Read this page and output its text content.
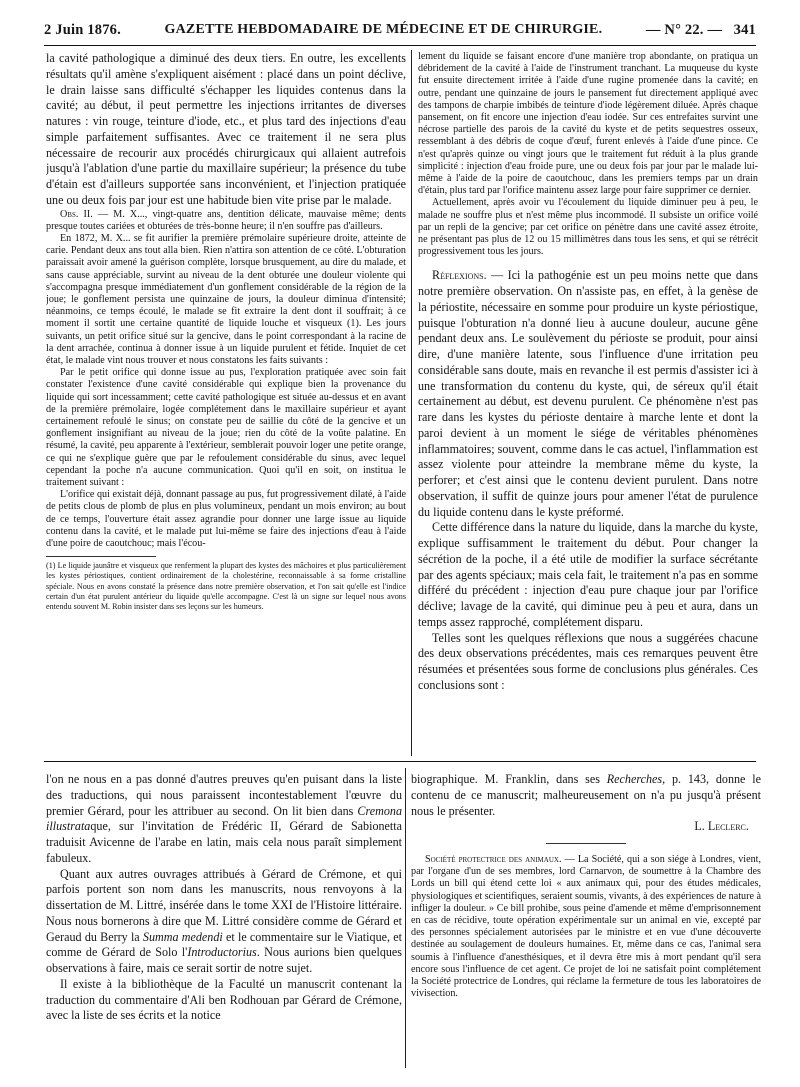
2 Juin 1876.	GAZETTE HEBDOMADAIRE DE MÉDECINE ET DE CHIRURGIE.	— N° 22. — 341

la cavité pathologique a diminué des deux tiers. En outre, les excellents résultats qu'il amène s'expliquent aisément : placé dans un point déclive, le drain laisse sans difficulté s'échapper les liquides contenus dans la cavité; au début, il peut permettre les injections irritantes de diverses natures : vin rouge, teinture d'iode, etc., et plus tard des injections d'eau simple parfaitement suffisantes. Avec ce traitement il ne sera plus nécessaire de recourir aux procédés chirurgicaux qui allaient autrefois jusqu'à l'ablation d'une partie du maxillaire supérieur; la présence du tube d'étain est d'ailleurs supportée sans inconvénient, et l'injection pratiquée une ou deux fois par jour est une habitude bien vite prise par le malade.

Obs. II. — M. X..., vingt-quatre ans, dentition délicate, mauvaise même; dents presque toutes cariées et obturées de très-bonne heure; il n'en souffre pas d'ailleurs.

En 1872, M. X... se fit aurifier la première prémolaire supérieure droite, atteinte de carie. Pendant deux ans tout alla bien. Rien n'attira son attention de ce côté. L'obturation paraissait avoir amené la guérison complète, lorsque brusquement, au dire du malade, et sans cause appréciable, survint au niveau de la dent obturée une douleur violente qui s'accompagna presque immédiatement d'un gonflement considérable de la région de la joue; le gonflement persista une quinzaine de jours, la douleur diminua d'intensité; néanmoins, ce temps écoulé, le malade se fit extraire la dent dont il souffrait; à ce moment il sortit une certaine quantité de liquide louche et visqueux (1). Les jours suivants, un petit orifice situé sur la gencive, dans le point correspondant à la racine de la dent arrachée, continua à donner issue à un liquide purulent et fétide. Inquiet de cet état, le malade vint nous trouver et nous constatons les faits suivants :

Par le petit orifice qui donne issue au pus, l'exploration pratiquée avec soin fait constater l'existence d'une cavité considérable qui explique bien la provenance du liquide qui sort incessamment; cette cavité pathologique est située au-dessus et en avant de la première prémolaire, logée complétement dans le maxillaire supérieur et ayant certainement refoulé le sinus; on constate peu de saillie du côté de la gencive et un gonflement insignifiant au niveau de la joue; rien du côté de la voûte palatine. En résumé, la cavité, peu apparente à l'extérieur, semblerait pouvoir loger une petite orange, ce qui ne s'explique guère que par le refoulement considérable du sinus, avec lequel cependant la poche n'a aucune communication. Quoi qu'il en soit, on institua le traitement suivant :

L'orifice qui existait déjà, donnant passage au pus, fut progressivement dilaté, à l'aide de petits clous de plomb de plus en plus volumineux, pendant un mois environ; au bout de ce temps, l'ouverture était assez agrandie pour donner une large issue au liquide contenu dans la cavité, et le malade put lui-même se faire des injections d'eau à l'aide d'une poire de caoutchouc; mais l'écou-

(1) Le liquide jaunâtre et visqueux que renferment la plupart des kystes des mâchoires et plus particulièrement les kystes périostiques, contient ordinairement de la cholestérine, reconnaissable à sa forme cristalline spéciale. Nous en avons constaté la présence dans notre première observation, et l'on sait qu'elle est l'indice certain d'un état purulent antérieur du liquide qu'elle accompagne. C'est là un signe sur lequel nous avons entendu souvent M. Robin insister dans ses leçons sur les humeurs.

lement du liquide se faisant encore d'une manière trop abondante, on pratiqua un débridement de la cavité à l'aide de l'instrument tranchant. La muqueuse du kyste fut ensuite directement irritée à l'aide d'une rugine promenée dans la cavité; en outre, pendant une quinzaine de jours le pansement fut directement appliqué avec des tampons de charpie imbibés de teinture d'iode légèrement diluée. Après chaque pansement, on fit encore une injection d'eau iodée. Sur ces entrefaites survint une nécrose partielle des parois de la cavité du kyste et de petits sequestres osseux, ressemblant à des débris de coque d'œuf, furent enlevés à l'aide d'une pince. Ce n'est qu'après quinze ou vingt jours que le traitement fut réduit à la plus grande simplicité : injection d'eau froide pure, une ou deux fois par jour par le malade lui-même à l'aide de la poire de caoutchouc, dans les premiers temps par un drain d'étain, plus tard par l'orifice maintenu assez large pour faire supprimer ce dernier.

Actuellement, après avoir vu l'écoulement du liquide diminuer peu à peu, le malade ne souffre plus et n'est même plus incommodé. Il subsiste un orifice voilé par un repli de la gencive; par cet orifice on pénètre dans une cavité assez étroite, ne présentant pas plus de 12 ou 15 millimètres dans tous les sens, et qui se rétrécit progressivement tous les jours.

Réflexions. — Ici la pathogénie est un peu moins nette que dans notre première observation. On n'assiste pas, en effet, à la genèse de la périostite, nécessaire en somme pour produire un kyste périostique, puisque l'obturation n'a donné lieu à aucune douleur, aucune gêne pendant deux ans. Le soulèvement du périoste se produit, pour ainsi dire, d'une manière latente, sous l'influence d'une irritation peu considérable sans doute, mais en revanche il est permis d'assister ici à une transformation du contenu du kyste, qui, de séreux qu'il était certainement au début, est devenu purulent. Ce phénomène n'est pas rare dans les kystes du périoste dentaire à marche lente et dont la paroi devient à un moment le siége de véritables phénomènes inflammatoires; souvent, comme dans le cas actuel, l'inflammation est assez violente pour atteindre la membrane même du kyste, la perforer; et c'est ainsi que le contenu devient purulent. Dans notre observation, il suffit de quinze jours pour amener l'état de purulence du liquide contenu dans le kyste préformé.

Cette différence dans la nature du liquide, dans la marche du kyste, explique suffisamment le traitement du début. Pour changer la sécrétion de la poche, il a été utile de modifier la surface sécrétante par des agents spéciaux; mais cela fait, le traitement n'a pas en somme différé du précédent : injection d'eau pure chaque jour par l'orifice déclive; lavage de la cavité, qui diminue peu à peu et aura, dans un temps assez rapproché, complétement disparu.

Telles sont les quelques réflexions que nous a suggérées chacune des deux observations précédentes, mais ces remarques peuvent être résumées et présentées sous forme de conclusions plus générales. Ces conclusions sont :

l'on ne nous en a pas donné d'autres preuves qu'en puisant dans la liste des traductions, qui nous paraissent incontestablement l'œuvre du premier Gérard, pour les attribuer au second. On lit bien dans Cremona illustrataque, sur l'invitation de Frédéric II, Gérard de Sabionetta traduisit Avicenne de l'arabe en latin, mais cela nous paraît simplement fabuleux.

Quant aux autres ouvrages attribués à Gérard de Crémone, et qui parfois portent son nom dans les manuscrits, nous renvoyons à la dissertation de M. Littré, insérée dans le tome XXI de l'Histoire littéraire. Nous nous bornerons à dire que M. Littré considère comme de Gérard et Geraud du Berry la Summa medendi et le commentaire sur le Viatique, et comme de Gérard de Solo l'Introductorius. Nous aurions bien quelques observations à faire, mais ce serait sortir de notre sujet.

Il existe à la bibliothèque de la Faculté un manuscrit contenant la traduction du commentaire d'Ali ben Rodhouan par Gérard de Crémone, avec la liste de ses écrits et la notice

biographique. M. Franklin, dans ses Recherches, p. 143, donne le contenu de ce manuscrit; malheureusement on n'a pu jusqu'à présent nous le présenter.

L. Leclerc.

Société protectrice des animaux. — La Société, qui a son siége à Londres, vient, par l'organe d'un de ses membres, lord Carnarvon, de soumettre à la Chambre des Lords un bill qui étend cette loi « aux animaux qui, pour des études médicales, physiologiques et scientifiques, seraient soumis, vivants, à des expériences de nature à infliger la douleur. » Ce bill prohibe, sous peine d'amende et même d'emprisonnement en cas de récidive, toute opération expérimentale sur un animal en vie, excepté par des personnes spécialement autorisées par le ministre et en vue d'une découverte destinée au soulagement de douleurs humaines. Et, même dans ce cas, l'animal sera soumis à l'influence d'anesthésiques, et il devra être mis à mort pendant qu'il sera encore sous l'influence de cet agent. Ce projet de loi ne satisfait point complétement la Société protectrice de Londres, qui réclame la fermeture de tous les laboratoires de vivisection.
